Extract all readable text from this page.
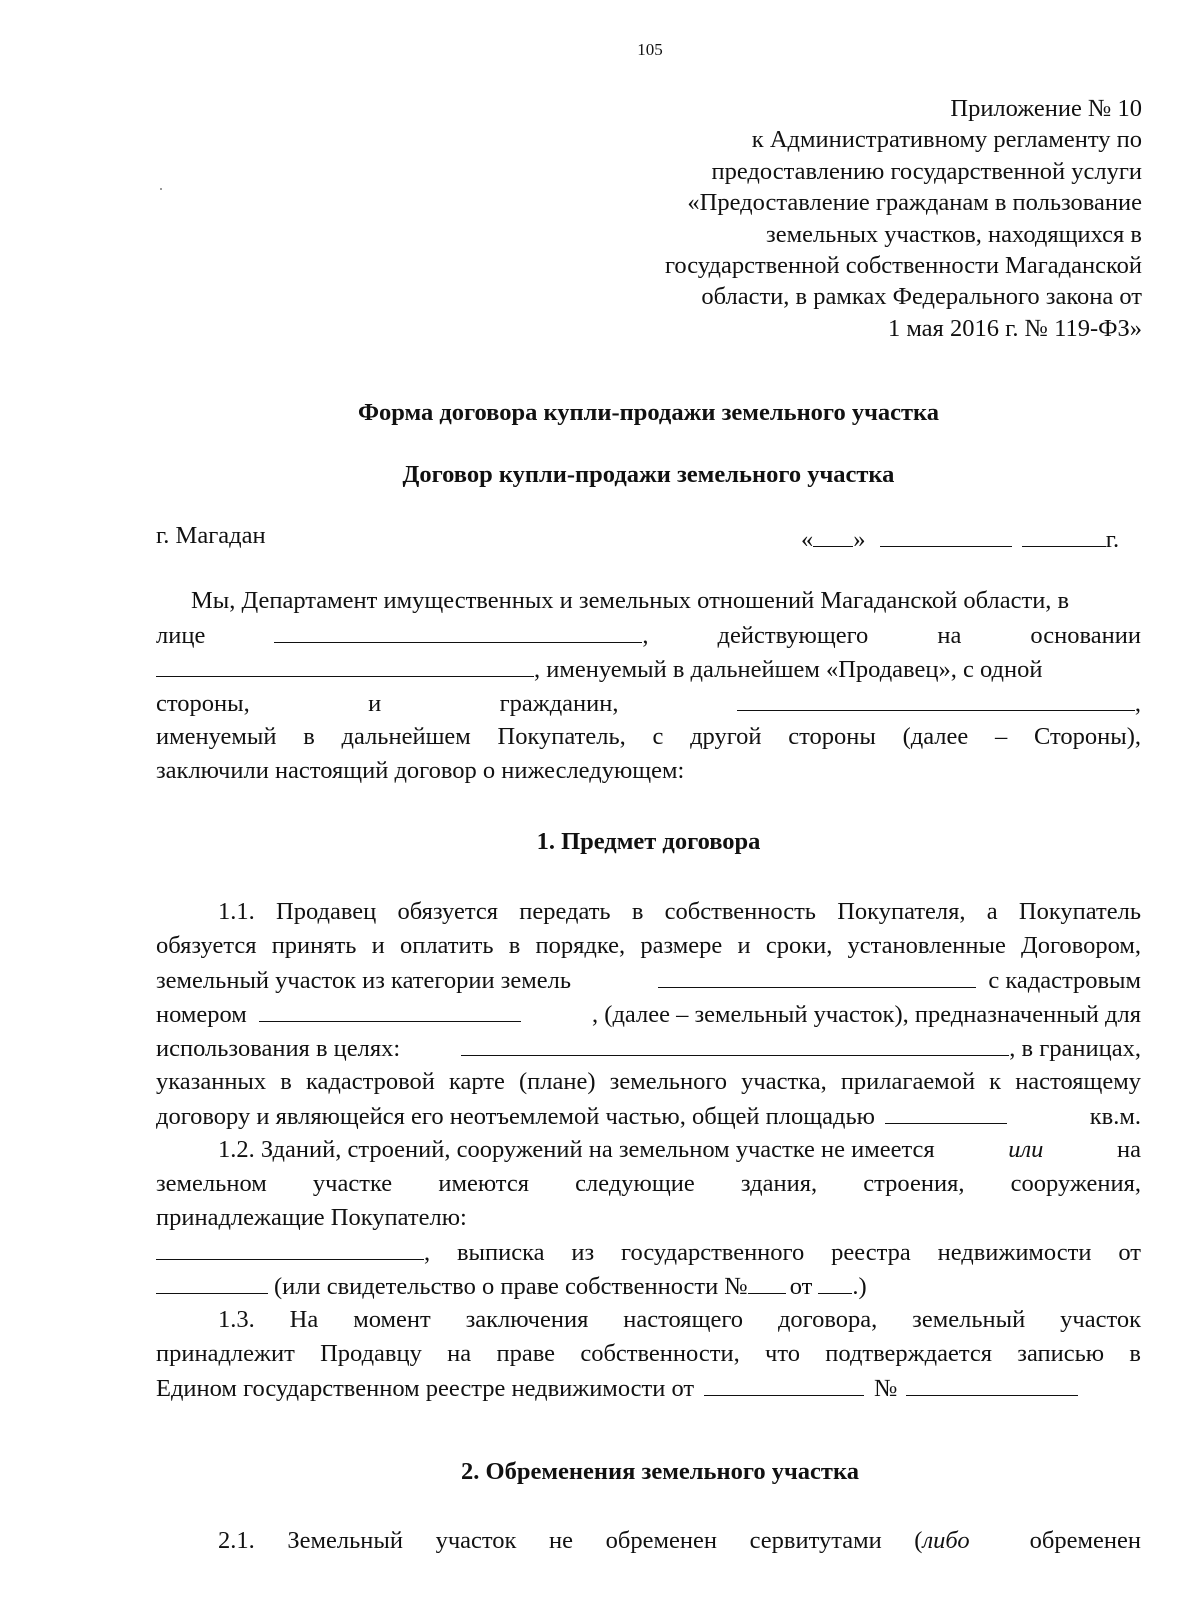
105
Приложение № 10
к Административному регламенту по
предоставлению государственной услуги
«Предоставление гражданам в пользование
земельных участков, находящихся в
государственной собственности Магаданской
области, в рамках Федерального закона от
1 мая 2016 г. № 119-ФЗ»
Форма договора купли-продажи земельного участка
Договор купли-продажи земельного участка
г. Магадан	« »	г.
Мы, Департамент имущественных и земельных отношений Магаданской области, в
лице	,	действующего	на	основании
, именуемый в дальнейшем «Продавец», с одной
стороны,	и	гражданин,	,
именуемый в дальнейшем Покупатель, с другой стороны (далее – Стороны),
заключили настоящий договор о нижеследующем:
1. Предмет договора
1.1. Продавец обязуется передать в собственность Покупателя, а Покупатель
обязуется принять и оплатить в порядке, размере и сроки, установленные Договором,
земельный участок из категории земель	с кадастровым
номером	, (далее – земельный участок), предназначенный для
использования в целях:	, в границах,
указанных в кадастровой карте (плане) земельного участка, прилагаемой к настоящему
договору и являющейся его неотъемлемой частью, общей площадью	кв.м.
1.2. Зданий, строений, сооружений на земельном участке не имеется	или	на
земельном участке имеются следующие здания, строения, сооружения,
принадлежащие Покупателю:
, выписка из государственного реестра недвижимости от
(или свидетельство о праве собственности № от .)
1.3. На момент заключения настоящего договора, земельный участок
принадлежит Продавцу на праве собственности, что подтверждается записью в
Едином государственном реестре недвижимости от	№
2. Обременения земельного участка
2.1. Земельный участок не обременен сервитутами ( либо обременен
